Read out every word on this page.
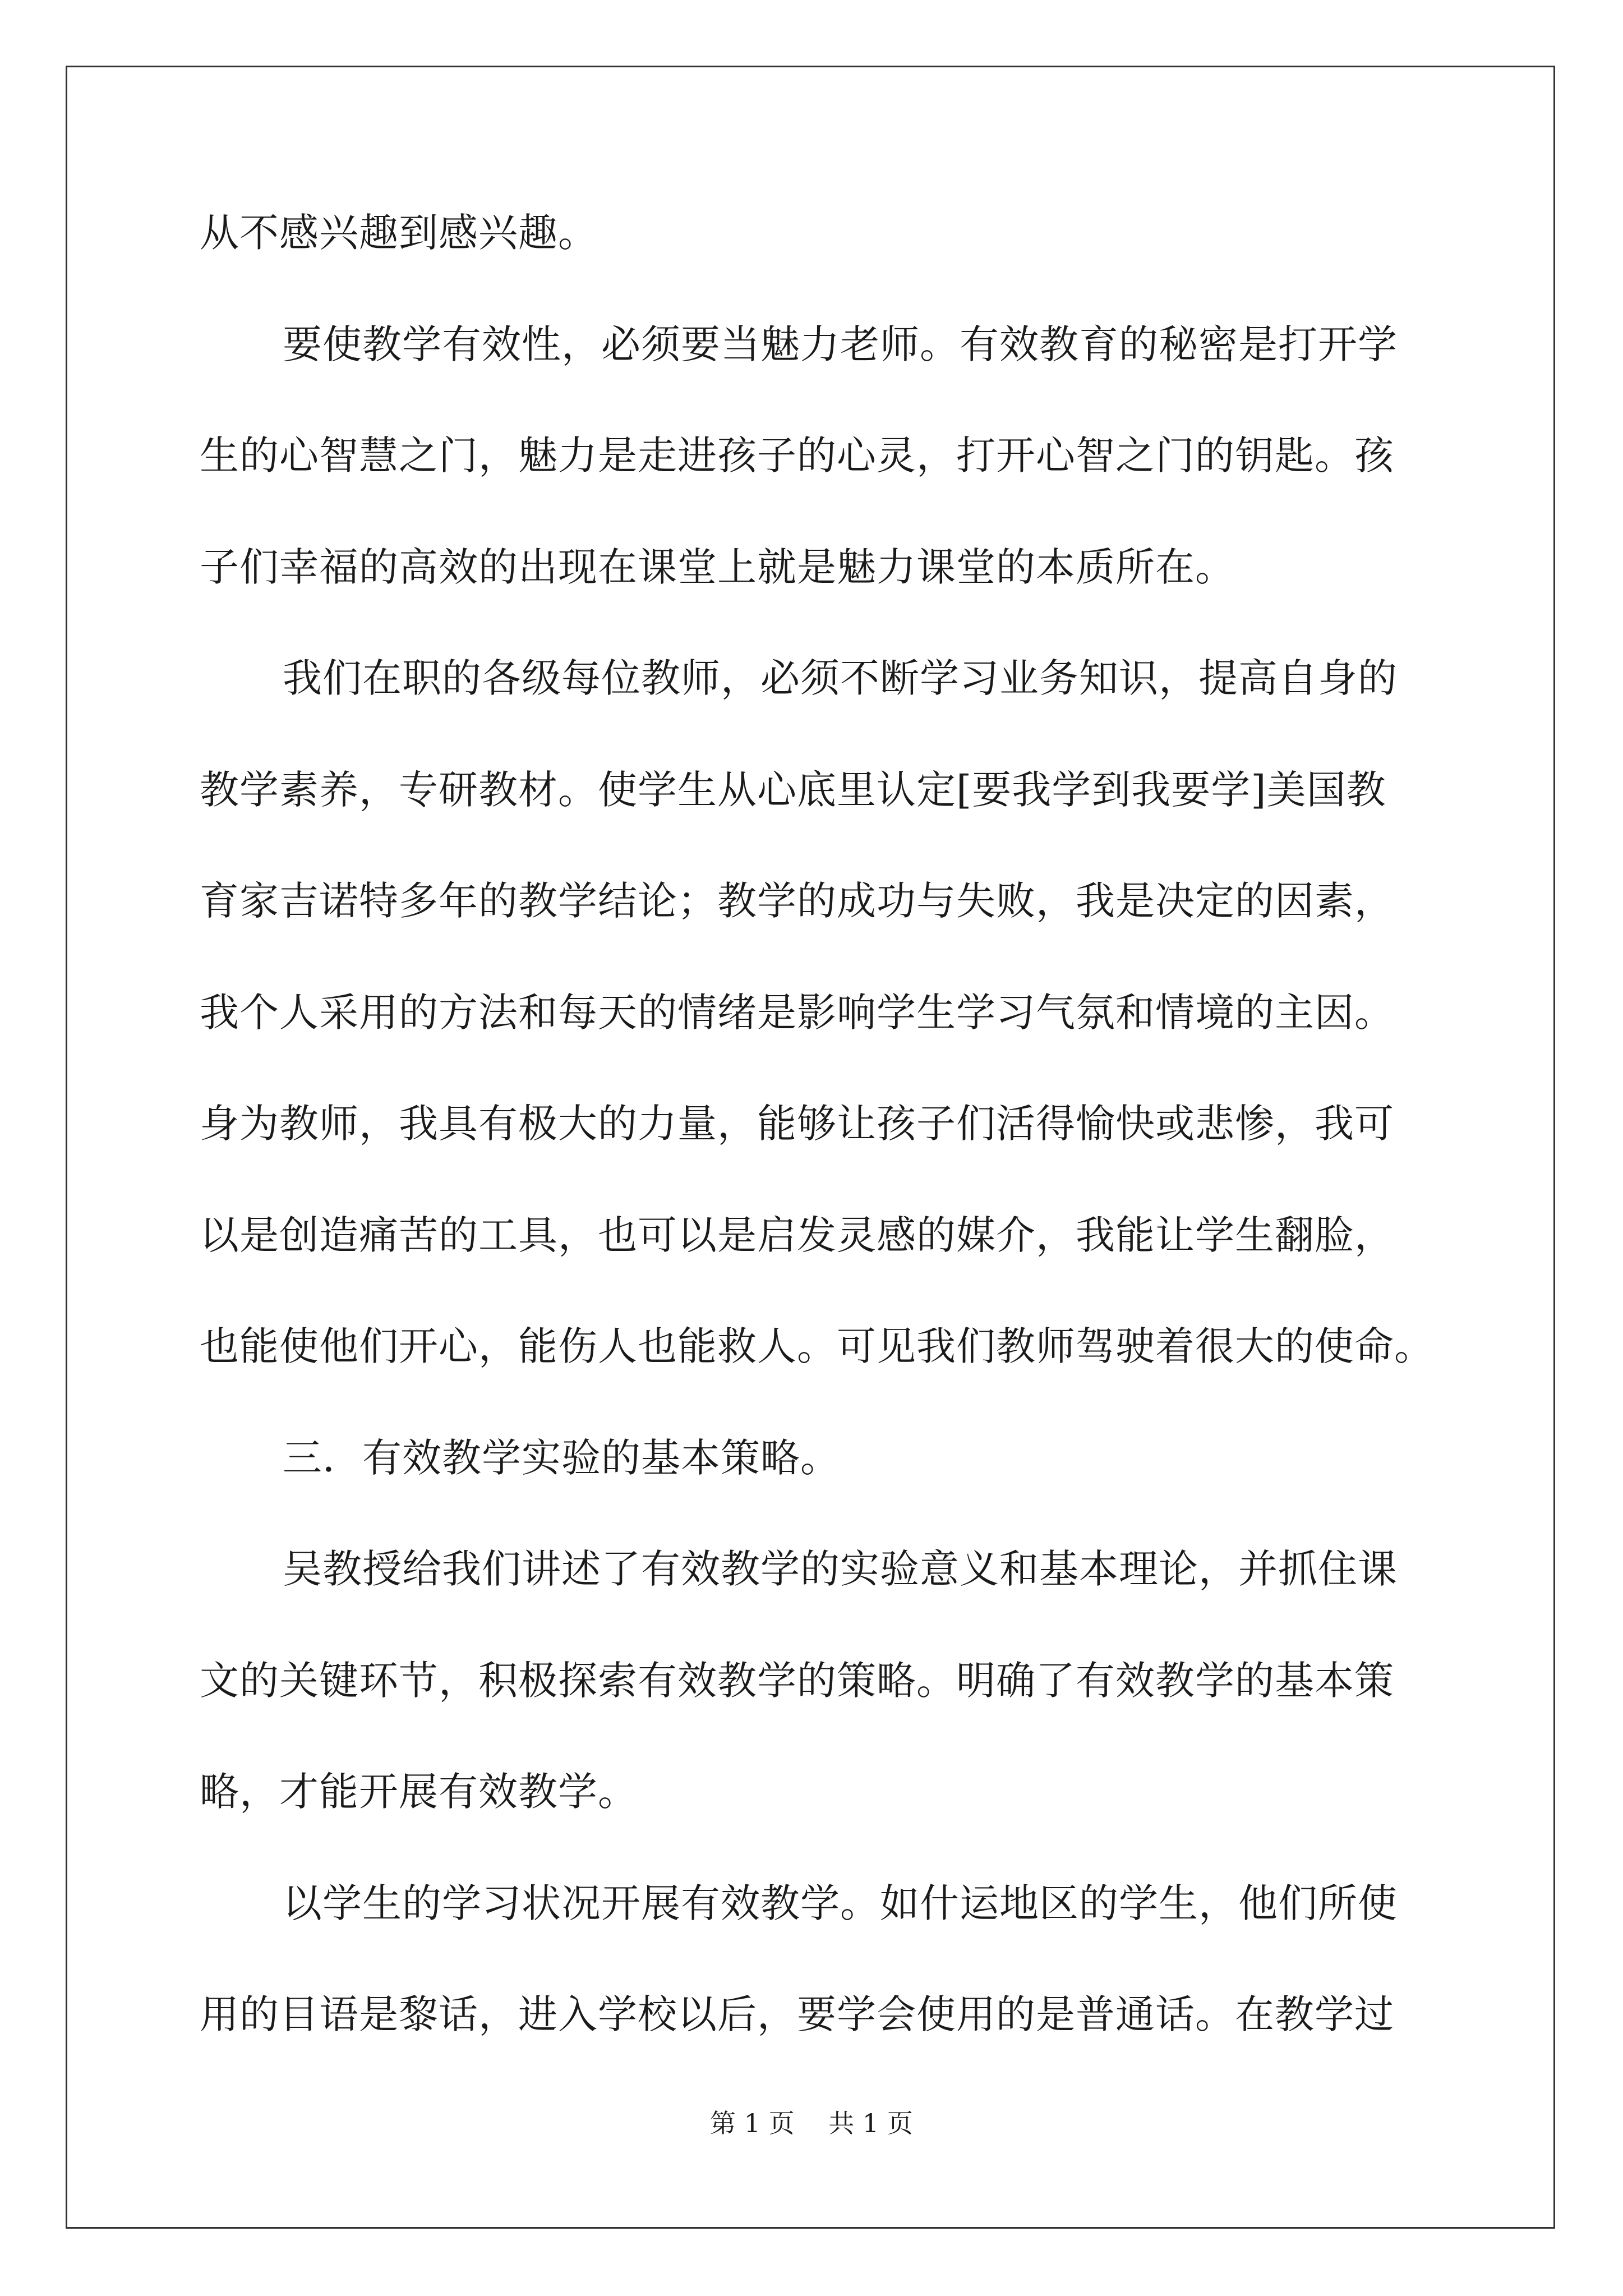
从不感兴趣到感兴趣。
要使教学有效性，必须要当魅力老师。有效教育的秘密是打开学
生的心智慧之门，魅力是走进孩子的心灵，打开心智之门的钥匙。孩
子们幸福的高效的出现在课堂上就是魅力课堂的本质所在。
我们在职的各级每位教师，必须不断学习业务知识，提高自身的
教学素养，专研教材。使学生从心底里认定[要我学到我要学]美国教
育家吉诺特多年的教学结论；教学的成功与失败，我是决定的因素，
我个人采用的方法和每天的情绪是影响学生学习气氛和情境的主因。
身为教师，我具有极大的力量，能够让孩子们活得愉快或悲惨，我可
以是创造痛苦的工具，也可以是启发灵感的媒介，我能让学生翻脸，
也能使他们开心，能伤人也能救人。可见我们教师驾驶着很大的使命。
三．有效教学实验的基本策略。
吴教授给我们讲述了有效教学的实验意义和基本理论，并抓住课
文的关键环节，积极探索有效教学的策略。明确了有效教学的基本策
略，才能开展有效教学。
以学生的学习状况开展有效教学。如什运地区的学生，他们所使
用的目语是黎话，进入学校以后，要学会使用的是普通话。在教学过
第 1 页　 共 1 页
